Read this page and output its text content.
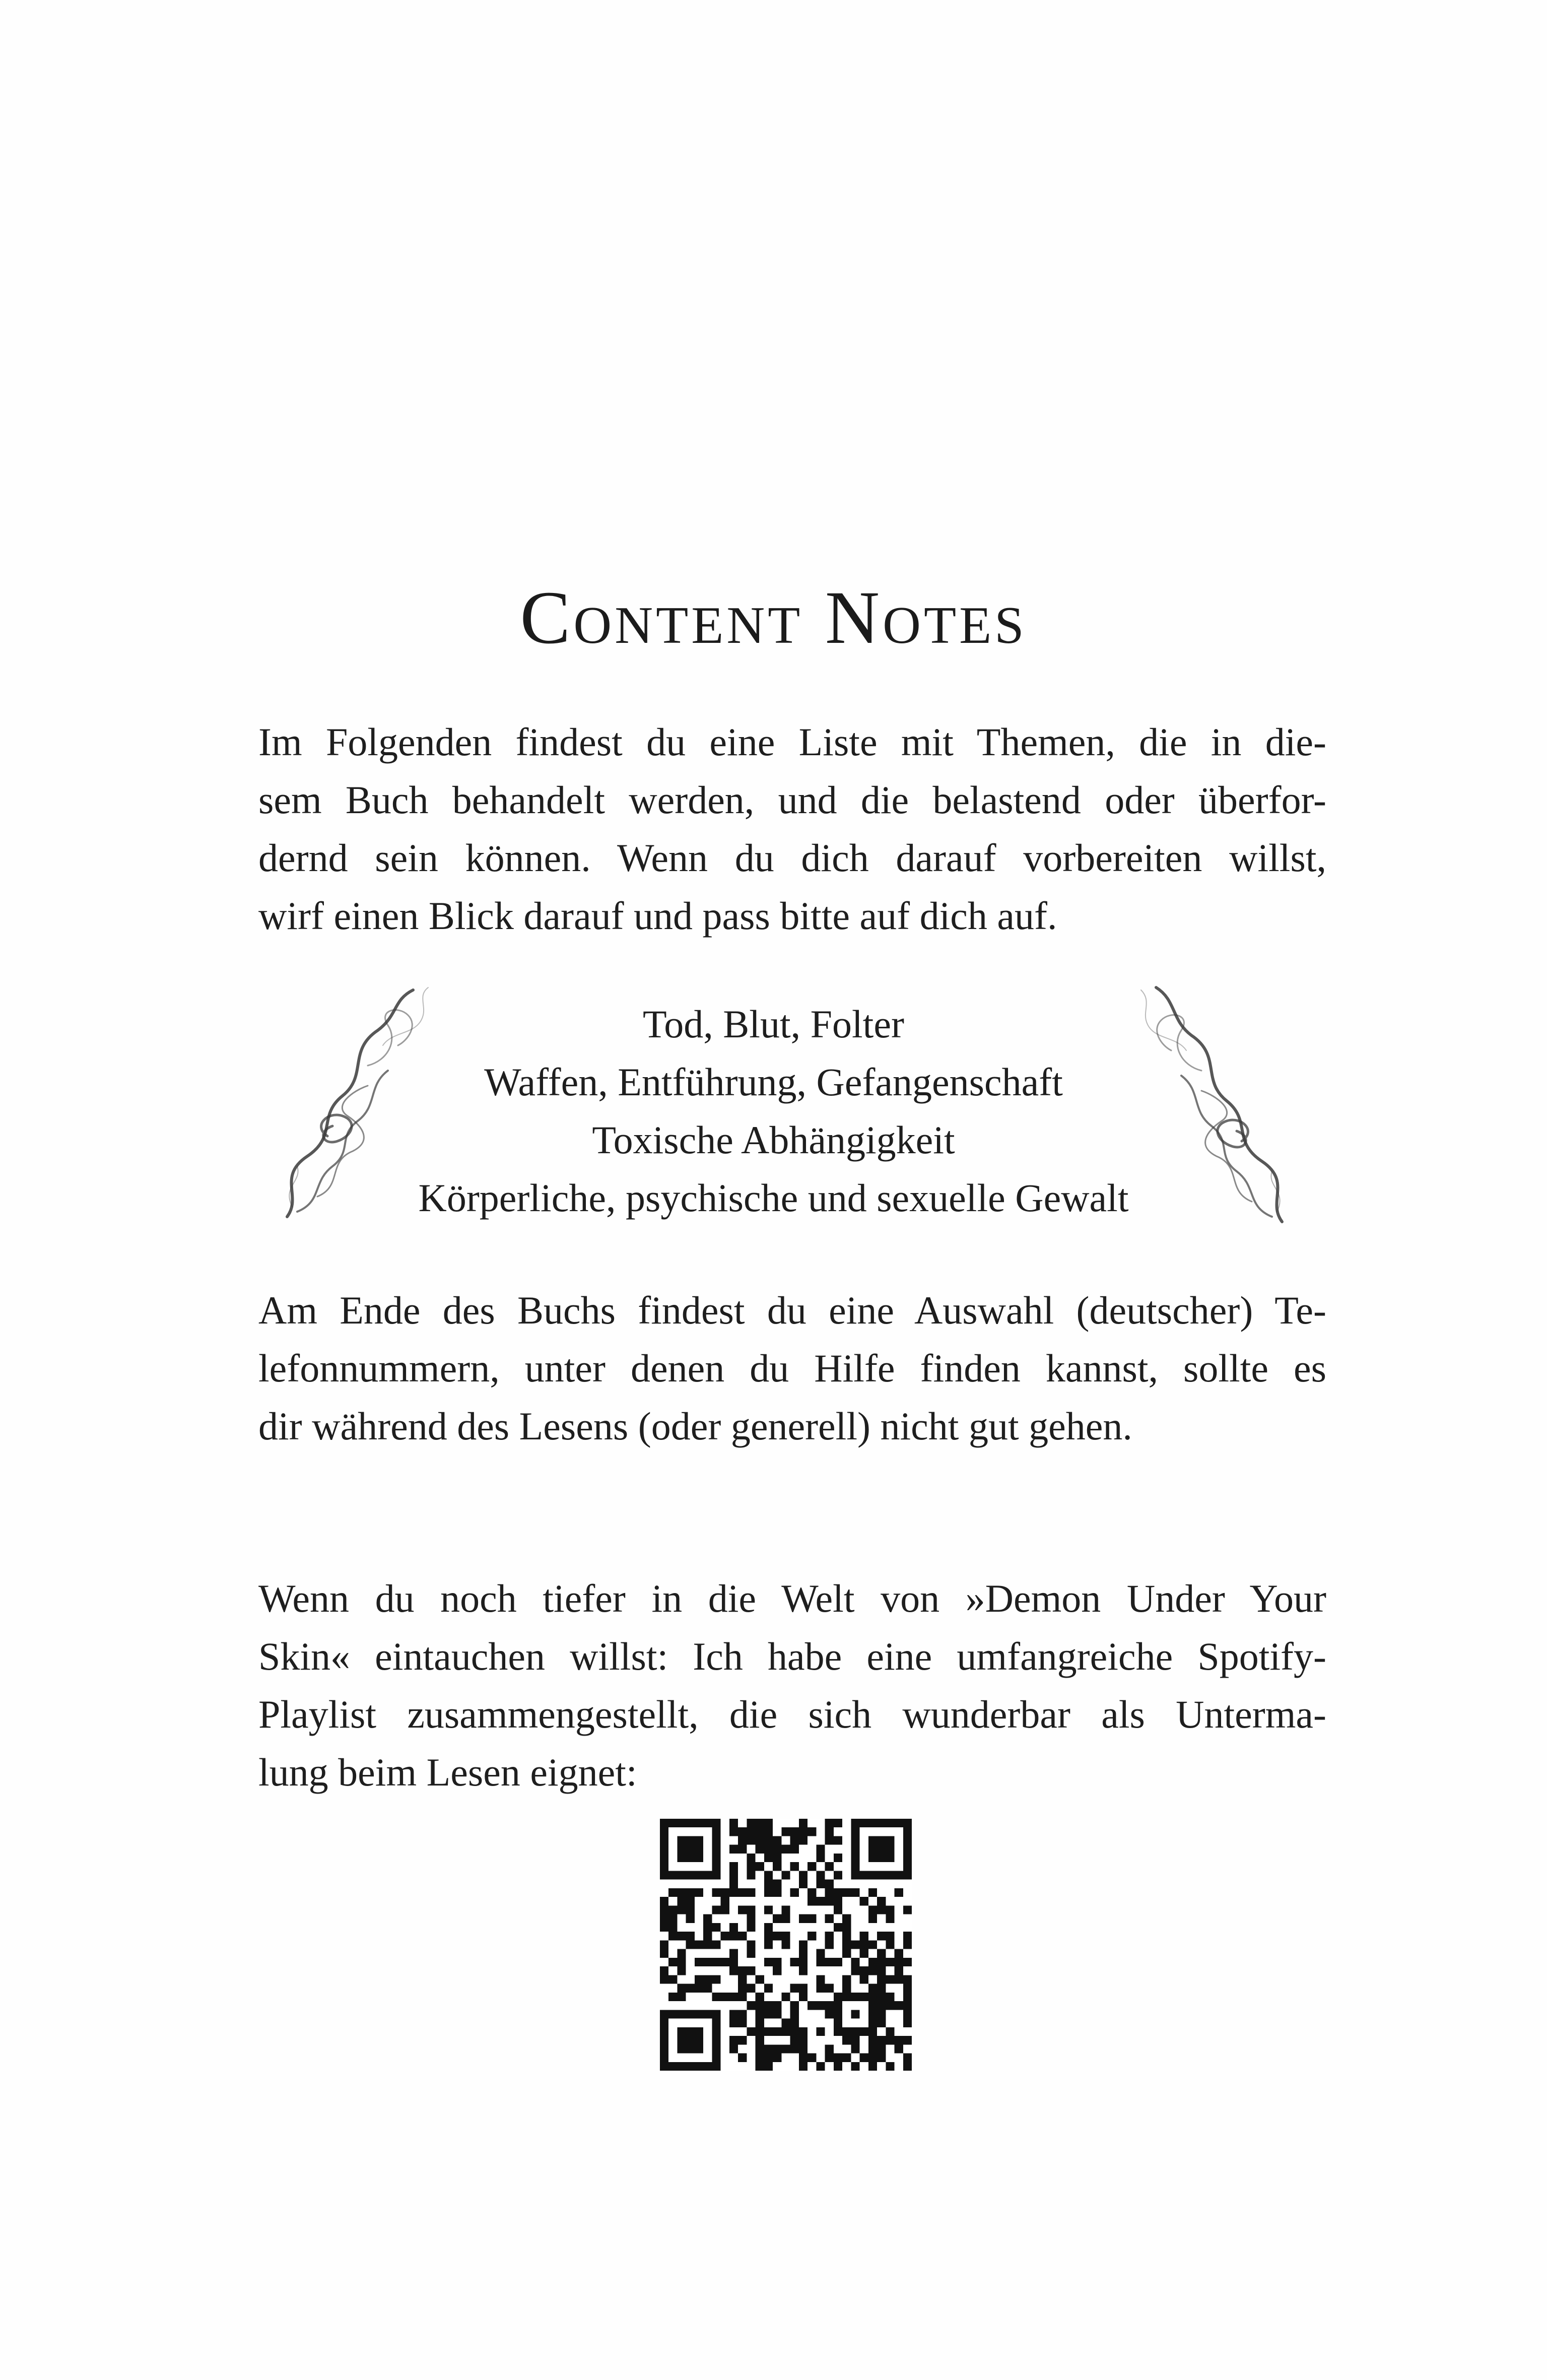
Content Notes
Im Folgenden findest du eine Liste mit Themen, die in die-
sem Buch behandelt werden, und die belastend oder überfor-
dernd sein können. Wenn du dich darauf vorbereiten willst,
wirf einen Blick darauf und pass bitte auf dich auf.
Tod, Blut, Folter
Waffen, Entführung, Gefangenschaft
Toxische Abhängigkeit
Körperliche, psychische und sexuelle Gewalt
Am Ende des Buchs findest du eine Auswahl (deutscher) Te-
lefonnummern, unter denen du Hilfe finden kannst, sollte es
dir während des Lesens (oder generell) nicht gut gehen.
Wenn du noch tiefer in die Welt von »Demon Under Your
Skin« eintauchen willst: Ich habe eine umfangreiche Spotify-
Playlist zusammengestellt, die sich wunderbar als Untermа-
lung beim Lesen eignet:
